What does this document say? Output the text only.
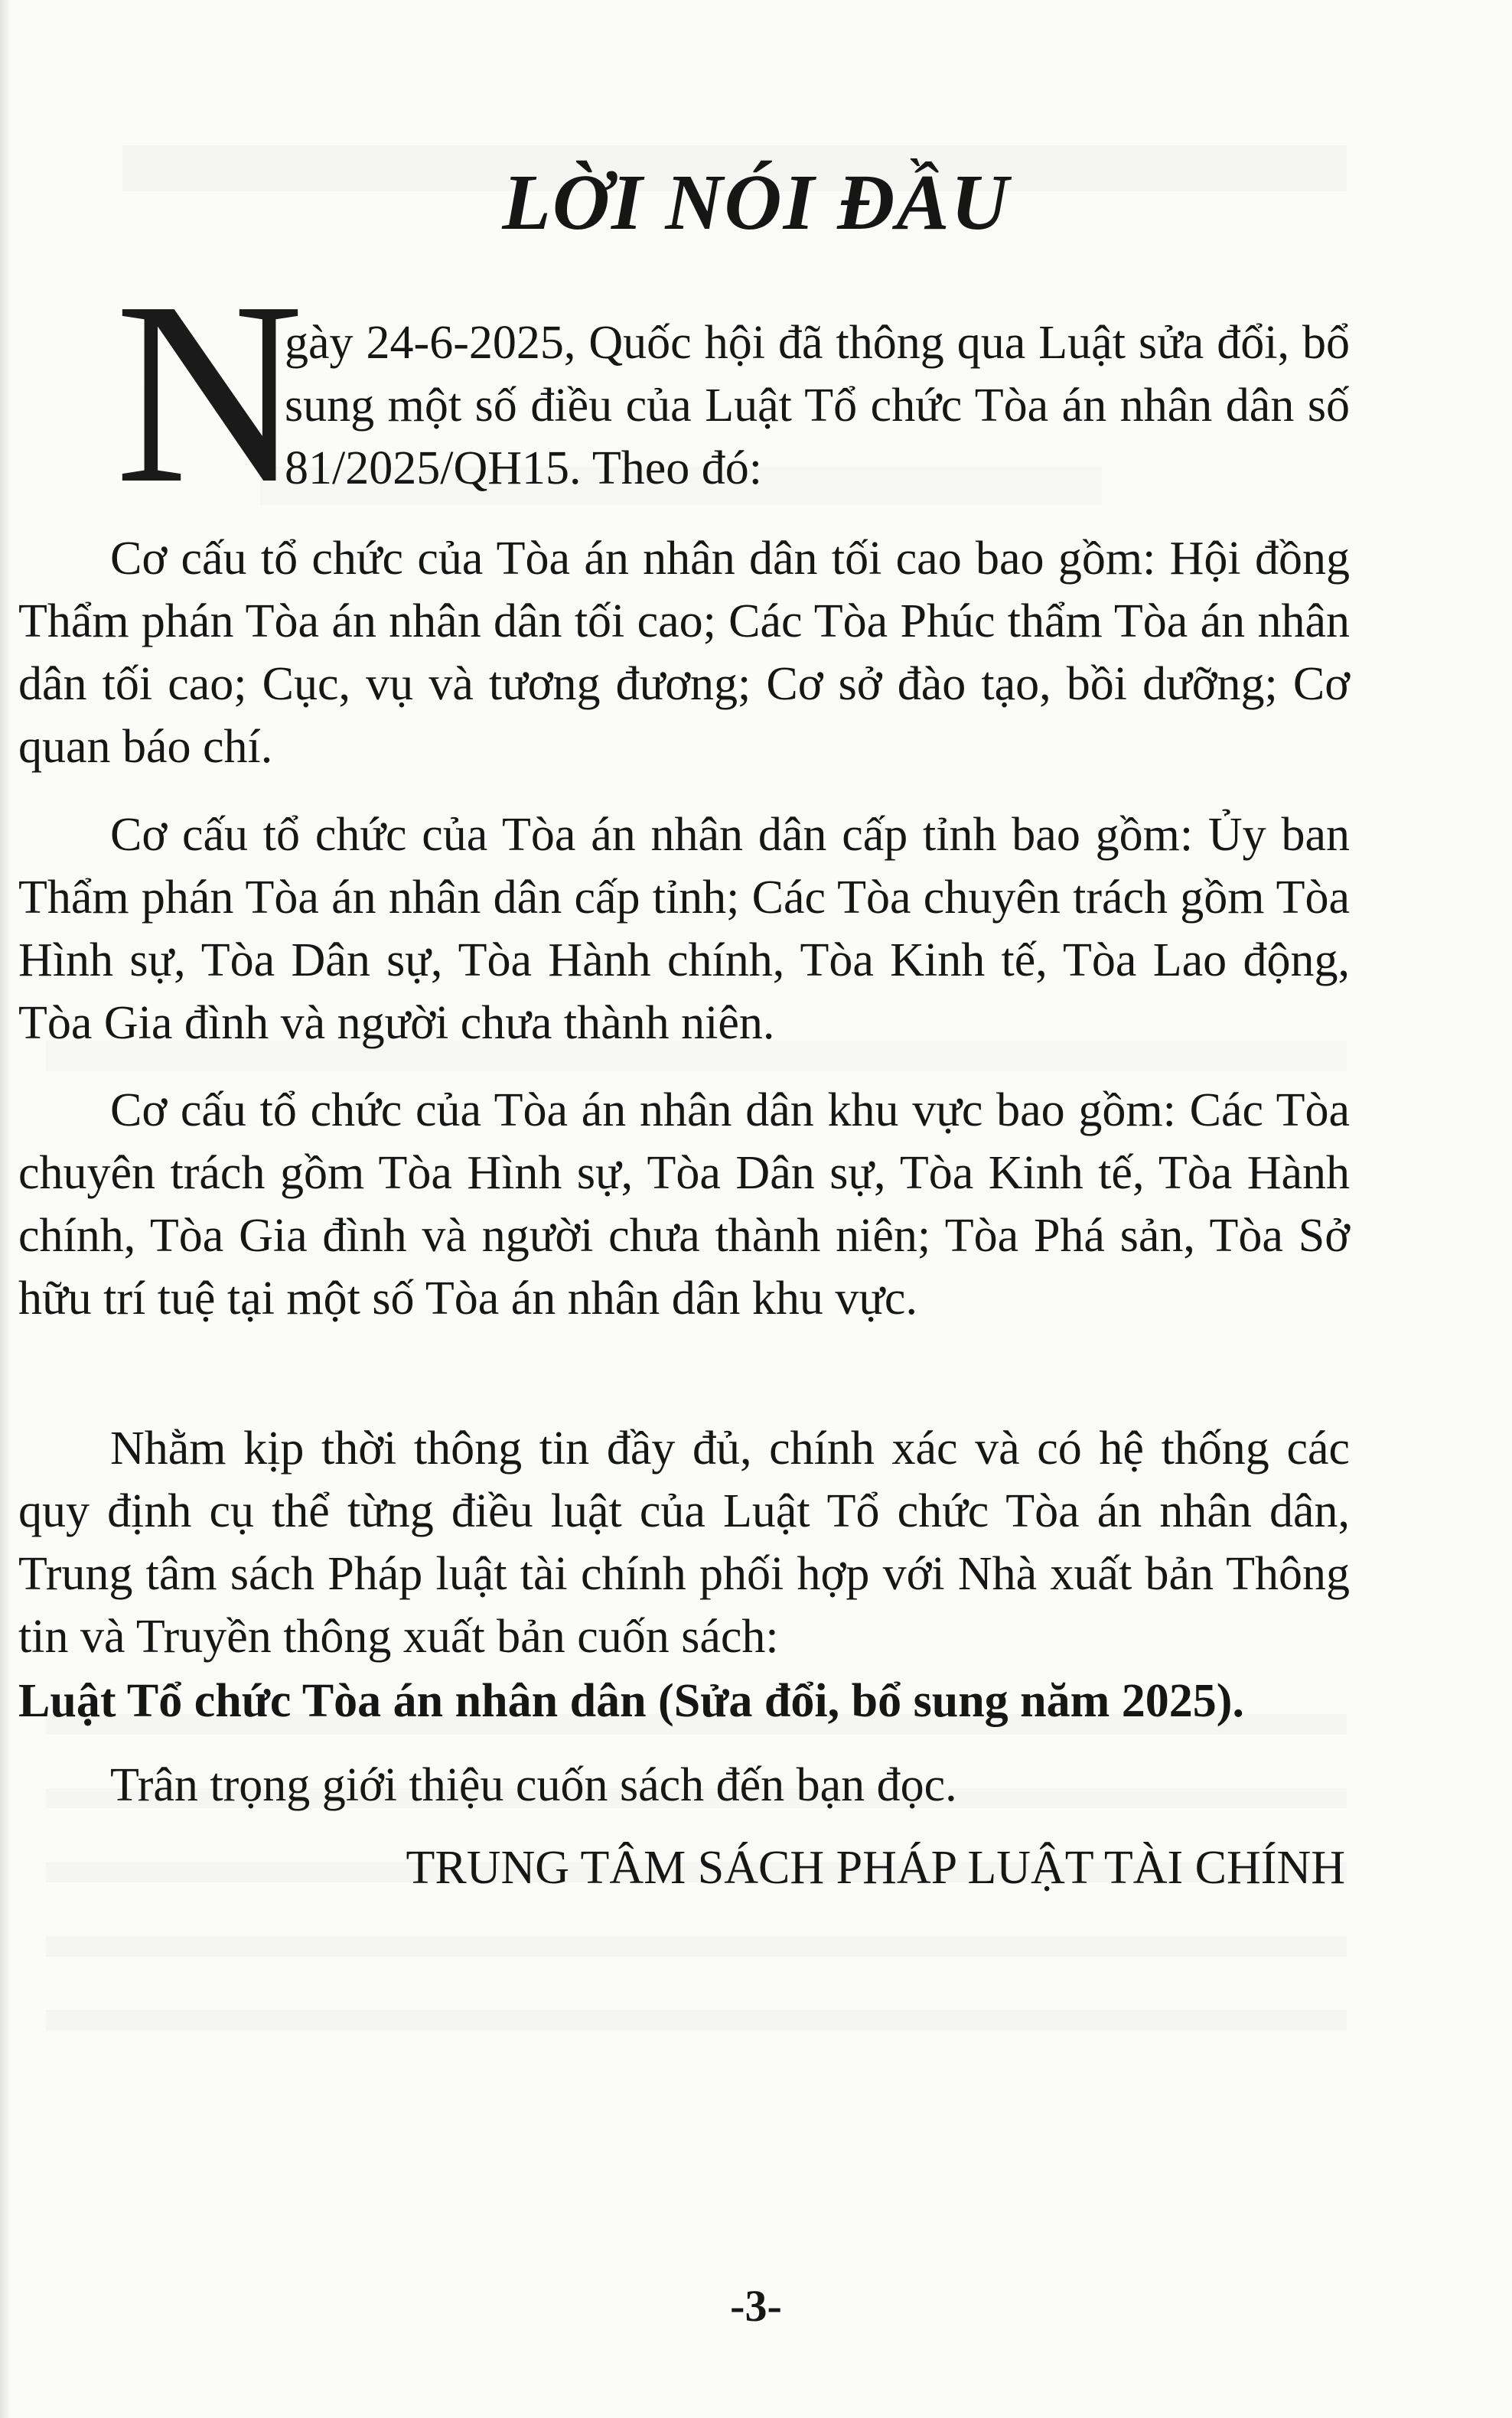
LỜI NÓI ĐẦU
N

gày 24-6-2025, Quốc hội đã thông qua Luật sửa đổi, bổ sung một số điều của Luật Tổ chức Tòa án nhân dân số 81/2025/QH15. Theo đó:

Cơ cấu tổ chức của Tòa án nhân dân tối cao bao gồm: Hội đồng Thẩm phán Tòa án nhân dân tối cao; Các Tòa Phúc thẩm Tòa án nhân dân tối cao; Cục, vụ và tương đương; Cơ sở đào tạo, bồi dưỡng; Cơ quan báo chí.

Cơ cấu tổ chức của Tòa án nhân dân cấp tỉnh bao gồm: Ủy ban Thẩm phán Tòa án nhân dân cấp tỉnh; Các Tòa chuyên trách gồm Tòa Hình sự, Tòa Dân sự, Tòa Hành chính, Tòa Kinh tế, Tòa Lao động, Tòa Gia đình và người chưa thành niên.

Cơ cấu tổ chức của Tòa án nhân dân khu vực bao gồm: Các Tòa chuyên trách gồm Tòa Hình sự, Tòa Dân sự, Tòa Kinh tế, Tòa Hành chính, Tòa Gia đình và người chưa thành niên; Tòa Phá sản, Tòa Sở hữu trí tuệ tại một số Tòa án nhân dân khu vực.

Nhằm kịp thời thông tin đầy đủ, chính xác và có hệ thống các quy định cụ thể từng điều luật của Luật Tổ chức Tòa án nhân dân, Trung tâm sách Pháp luật tài chính phối hợp với Nhà xuất bản Thông tin và Truyền thông xuất bản cuốn sách:

Luật Tổ chức Tòa án nhân dân (Sửa đổi, bổ sung năm 2025).

Trân trọng giới thiệu cuốn sách đến bạn đọc.

TRUNG TÂM SÁCH PHÁP LUẬT TÀI CHÍNH

-3-
